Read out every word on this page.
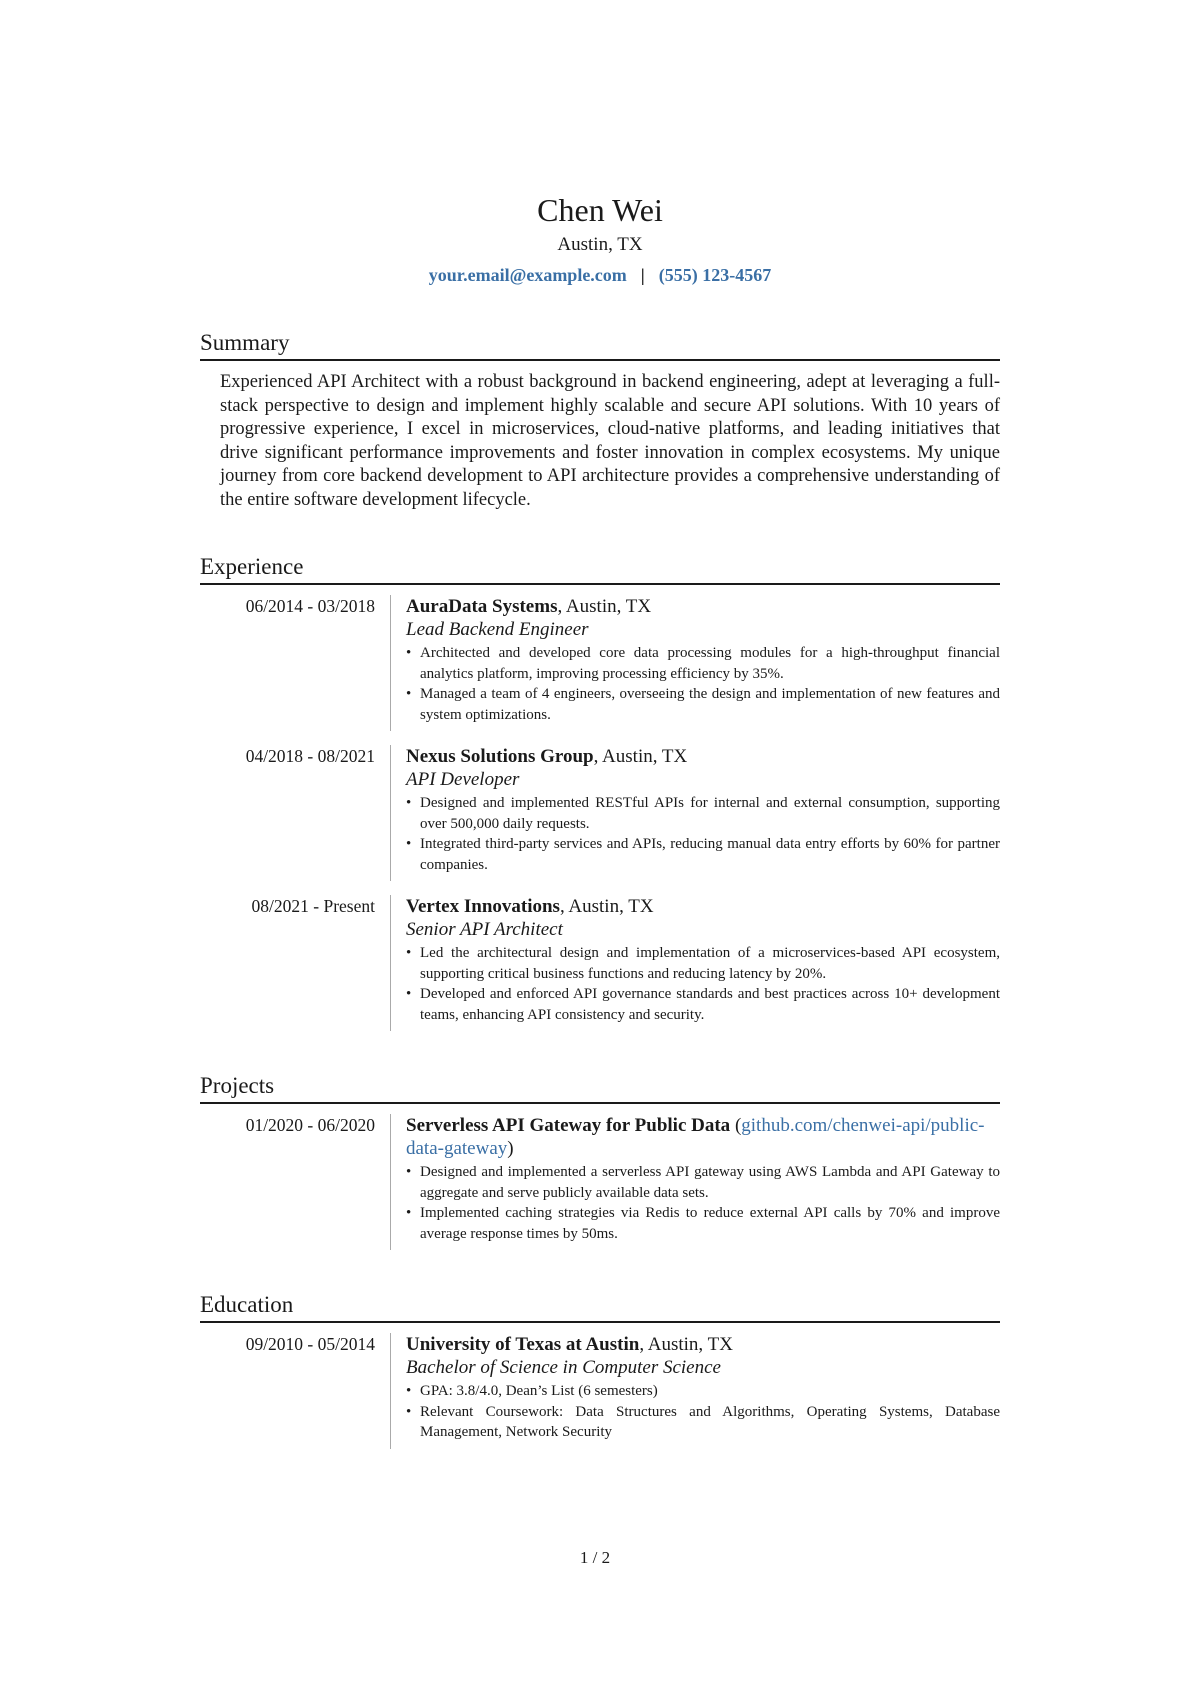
Chen Wei
Austin, TX
your.email@example.com | (555) 123-4567
Summary
Experienced API Architect with a robust background in backend engineering, adept at leveraging a full-stack perspective to design and implement highly scalable and secure API solutions. With 10 years of progressive experience, I excel in microservices, cloud-native platforms, and leading initiatives that drive significant performance improvements and foster innovation in complex ecosystems. My unique journey from core backend development to API architecture provides a comprehensive understanding of the entire software development lifecycle.
Experience
06/2014 - 03/2018	AuraData Systems, Austin, TX
Lead Backend Engineer
• Architected and developed core data processing modules for a high-throughput financial analytics platform, improving processing efficiency by 35%.
• Managed a team of 4 engineers, overseeing the design and implementation of new features and system optimizations.
04/2018 - 08/2021	Nexus Solutions Group, Austin, TX
API Developer
• Designed and implemented RESTful APIs for internal and external consumption, supporting over 500,000 daily requests.
• Integrated third-party services and APIs, reducing manual data entry efforts by 60% for partner companies.
08/2021 - Present	Vertex Innovations, Austin, TX
Senior API Architect
• Led the architectural design and implementation of a microservices-based API ecosystem, supporting critical business functions and reducing latency by 20%.
• Developed and enforced API governance standards and best practices across 10+ development teams, enhancing API consistency and security.
Projects
01/2020 - 06/2020	Serverless API Gateway for Public Data (github.com/chenwei-api/public-data-gateway)
• Designed and implemented a serverless API gateway using AWS Lambda and API Gateway to aggregate and serve publicly available data sets.
• Implemented caching strategies via Redis to reduce external API calls by 70% and improve average response times by 50ms.
Education
09/2010 - 05/2014	University of Texas at Austin, Austin, TX
Bachelor of Science in Computer Science
• GPA: 3.8/4.0, Dean’s List (6 semesters)
• Relevant Coursework: Data Structures and Algorithms, Operating Systems, Database Management, Network Security
1 / 2
